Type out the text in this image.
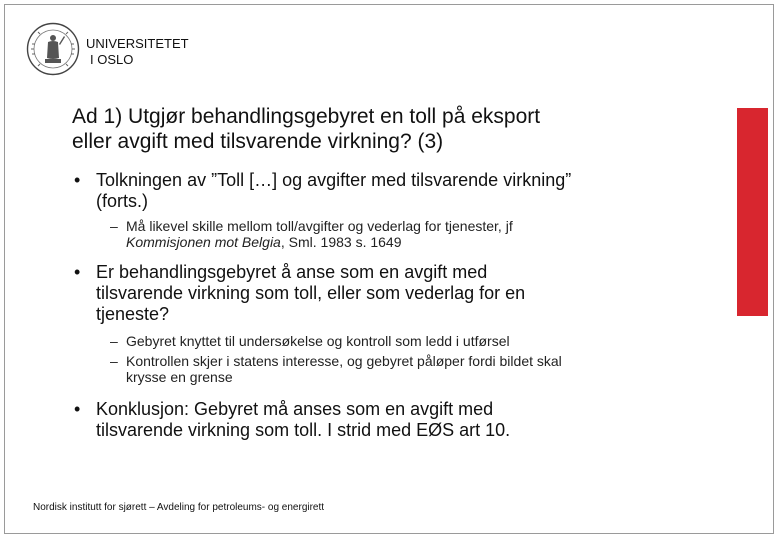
UNIVERSITETET
I OSLO
Ad 1) Utgjør behandlingsgebyret en toll på eksport
eller avgift med tilsvarende virkning? (3)
• Tolkningen av ”Toll […] og avgifter med tilsvarende virkning”
(forts.)
– Må likevel skille mellom toll/avgifter og vederlag for tjenester, jf
Kommisjonen mot Belgia, Sml. 1983 s. 1649
• Er behandlingsgebyret å anse som en avgift med
tilsvarende virkning som toll, eller som vederlag for en
tjeneste?
– Gebyret knyttet til undersøkelse og kontroll som ledd i utførsel
– Kontrollen skjer i statens interesse, og gebyret påløper fordi bildet skal
krysse en grense
• Konklusjon: Gebyret må anses som en avgift med
tilsvarende virkning som toll. I strid med EØS art 10.
Nordisk institutt for sjørett – Avdeling for petroleums- og energirett
